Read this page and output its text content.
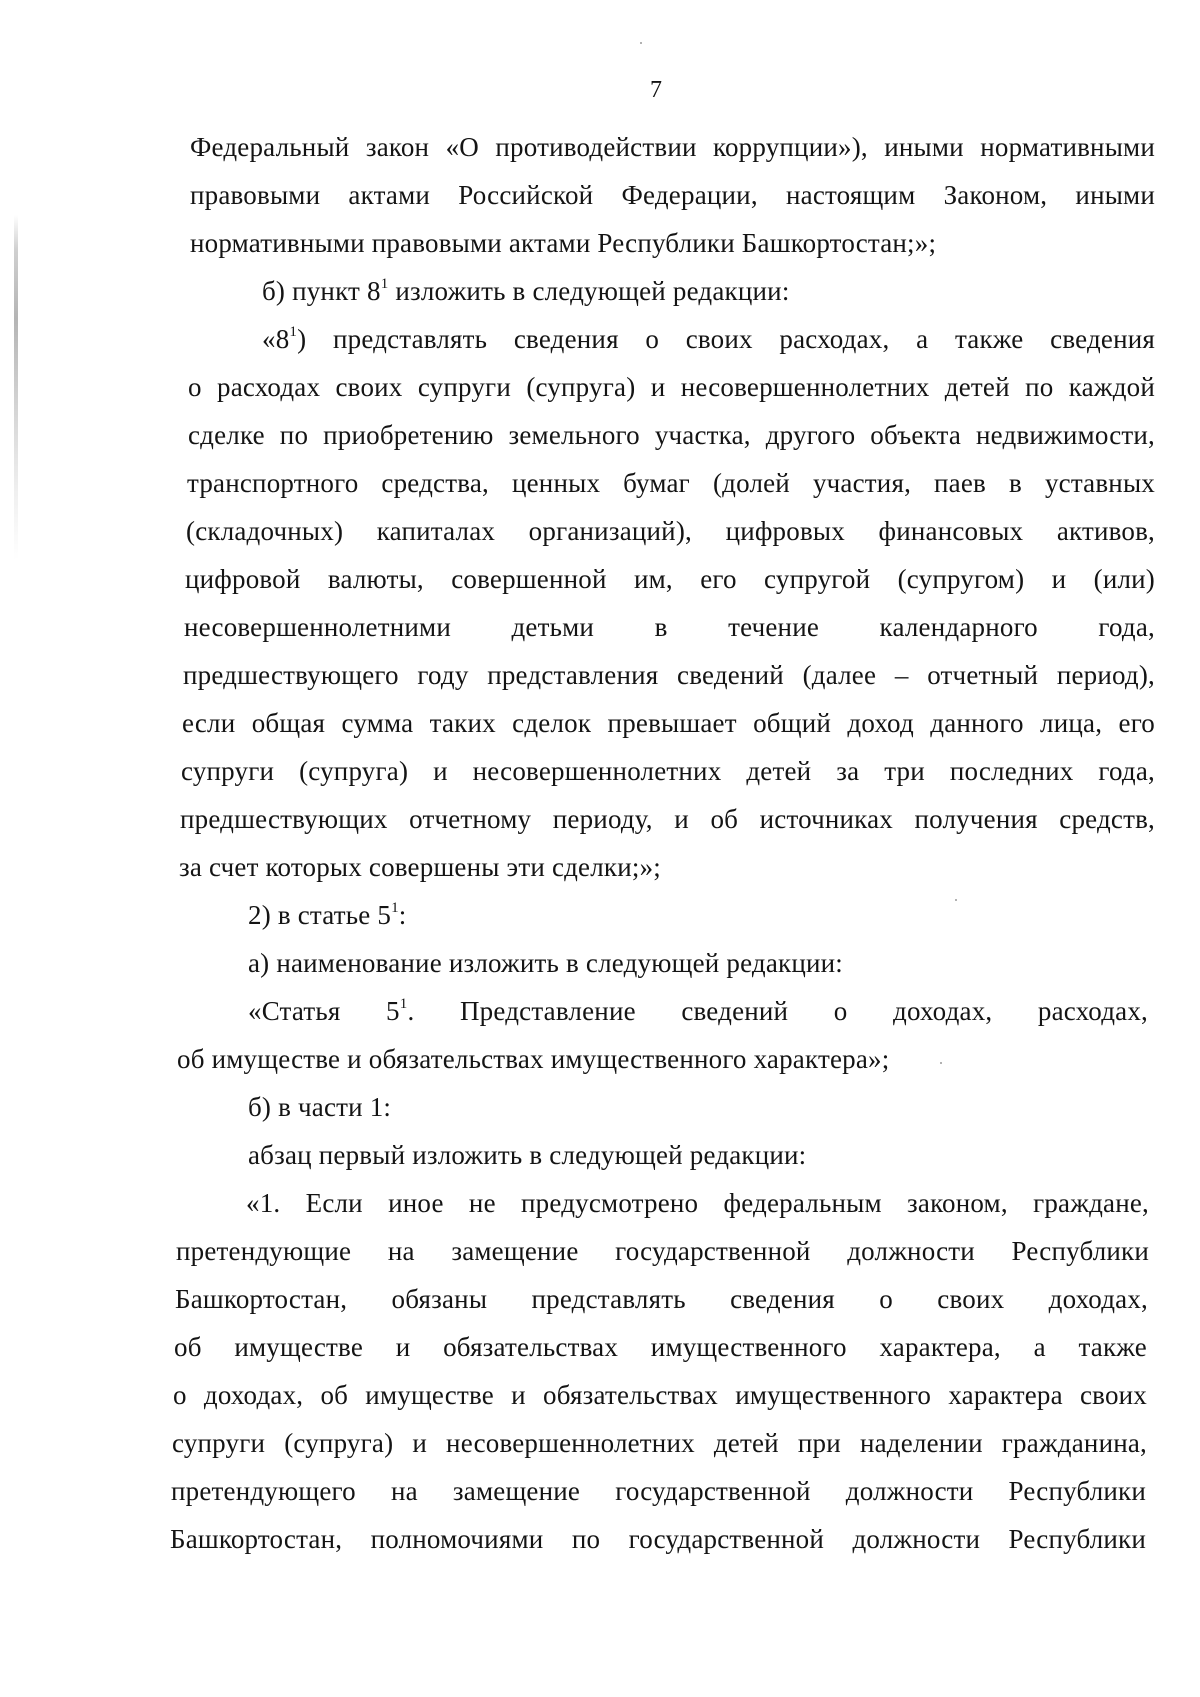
7
Федеральный закон «О противодействии коррупции»), иными нормативными
правовыми актами Российской Федерации, настоящим Законом, иными
нормативными правовыми актами Республики Башкортостан;»;
б) пункт $8^1$ изложить в следующей редакции:
«$8^1$) представлять сведения о своих расходах, а также сведения
о расходах своих супруги (супруга) и несовершеннолетних детей по каждой
сделке по приобретению земельного участка, другого объекта недвижимости,
транспортного средства, ценных бумаг (долей участия, паев в уставных
(складочных) капиталах организаций), цифровых финансовых активов,
цифровой валюты, совершенной им, его супругой (супругом) и (или)
несовершеннолетними детьми в течение календарного года,
предшествующего году представления сведений (далее – отчетный период),
если общая сумма таких сделок превышает общий доход данного лица, его
супруги (супруга) и несовершеннолетних детей за три последних года,
предшествующих отчетному периоду, и об источниках получения средств,
за счет которых совершены эти сделки;»;
2) в статье $5^1$:
а) наименование изложить в следующей редакции:
«Статья $5^1$. Представление сведений о доходах, расходах,
об имуществе и обязательствах имущественного характера»;
б) в части 1:
абзац первый изложить в следующей редакции:
«1. Если иное не предусмотрено федеральным законом, граждане,
претендующие на замещение государственной должности Республики
Башкортостан, обязаны представлять сведения о своих доходах,
об имуществе и обязательствах имущественного характера, а также
о доходах, об имуществе и обязательствах имущественного характера своих
супруги (супруга) и несовершеннолетних детей при наделении гражданина,
претендующего на замещение государственной должности Республики
Башкортостан, полномочиями по государственной должности Республики
